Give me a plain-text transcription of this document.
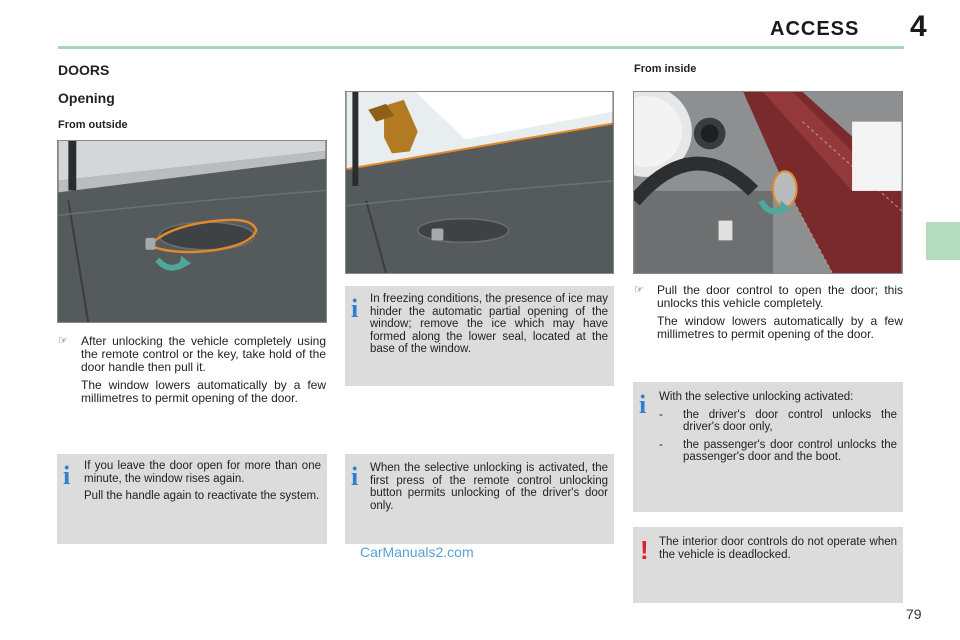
ACCESS 4
DOORS
Opening
From outside
☞	After unlocking the vehicle completely using the remote control or the key, take hold of the door handle then pull it.

The window lowers automatically by a few millimetres to permit opening of the door.

i If you leave the door open for more than one minute, the window rises again.

Pull the handle again to reactivate the system.

i In freezing conditions, the presence of ice may hinder the automatic partial opening of the window; remove the ice which may have formed along the lower seal, located at the base of the window.

i When the selective unlocking is activated, the first press of the remote control unlocking button permits unlocking of the driver's door only.

CarManuals2.com
From inside
☞	Pull the door control to open the door; this unlocks this vehicle completely.

The window lowers automatically by a few millimetres to permit opening of the door.

i With the selective unlocking activated:

-	the driver's door control unlocks the driver's door only,
-	the passenger's door control unlocks the passenger's door and the boot.
! The interior door controls do not operate when the vehicle is deadlocked.

79
